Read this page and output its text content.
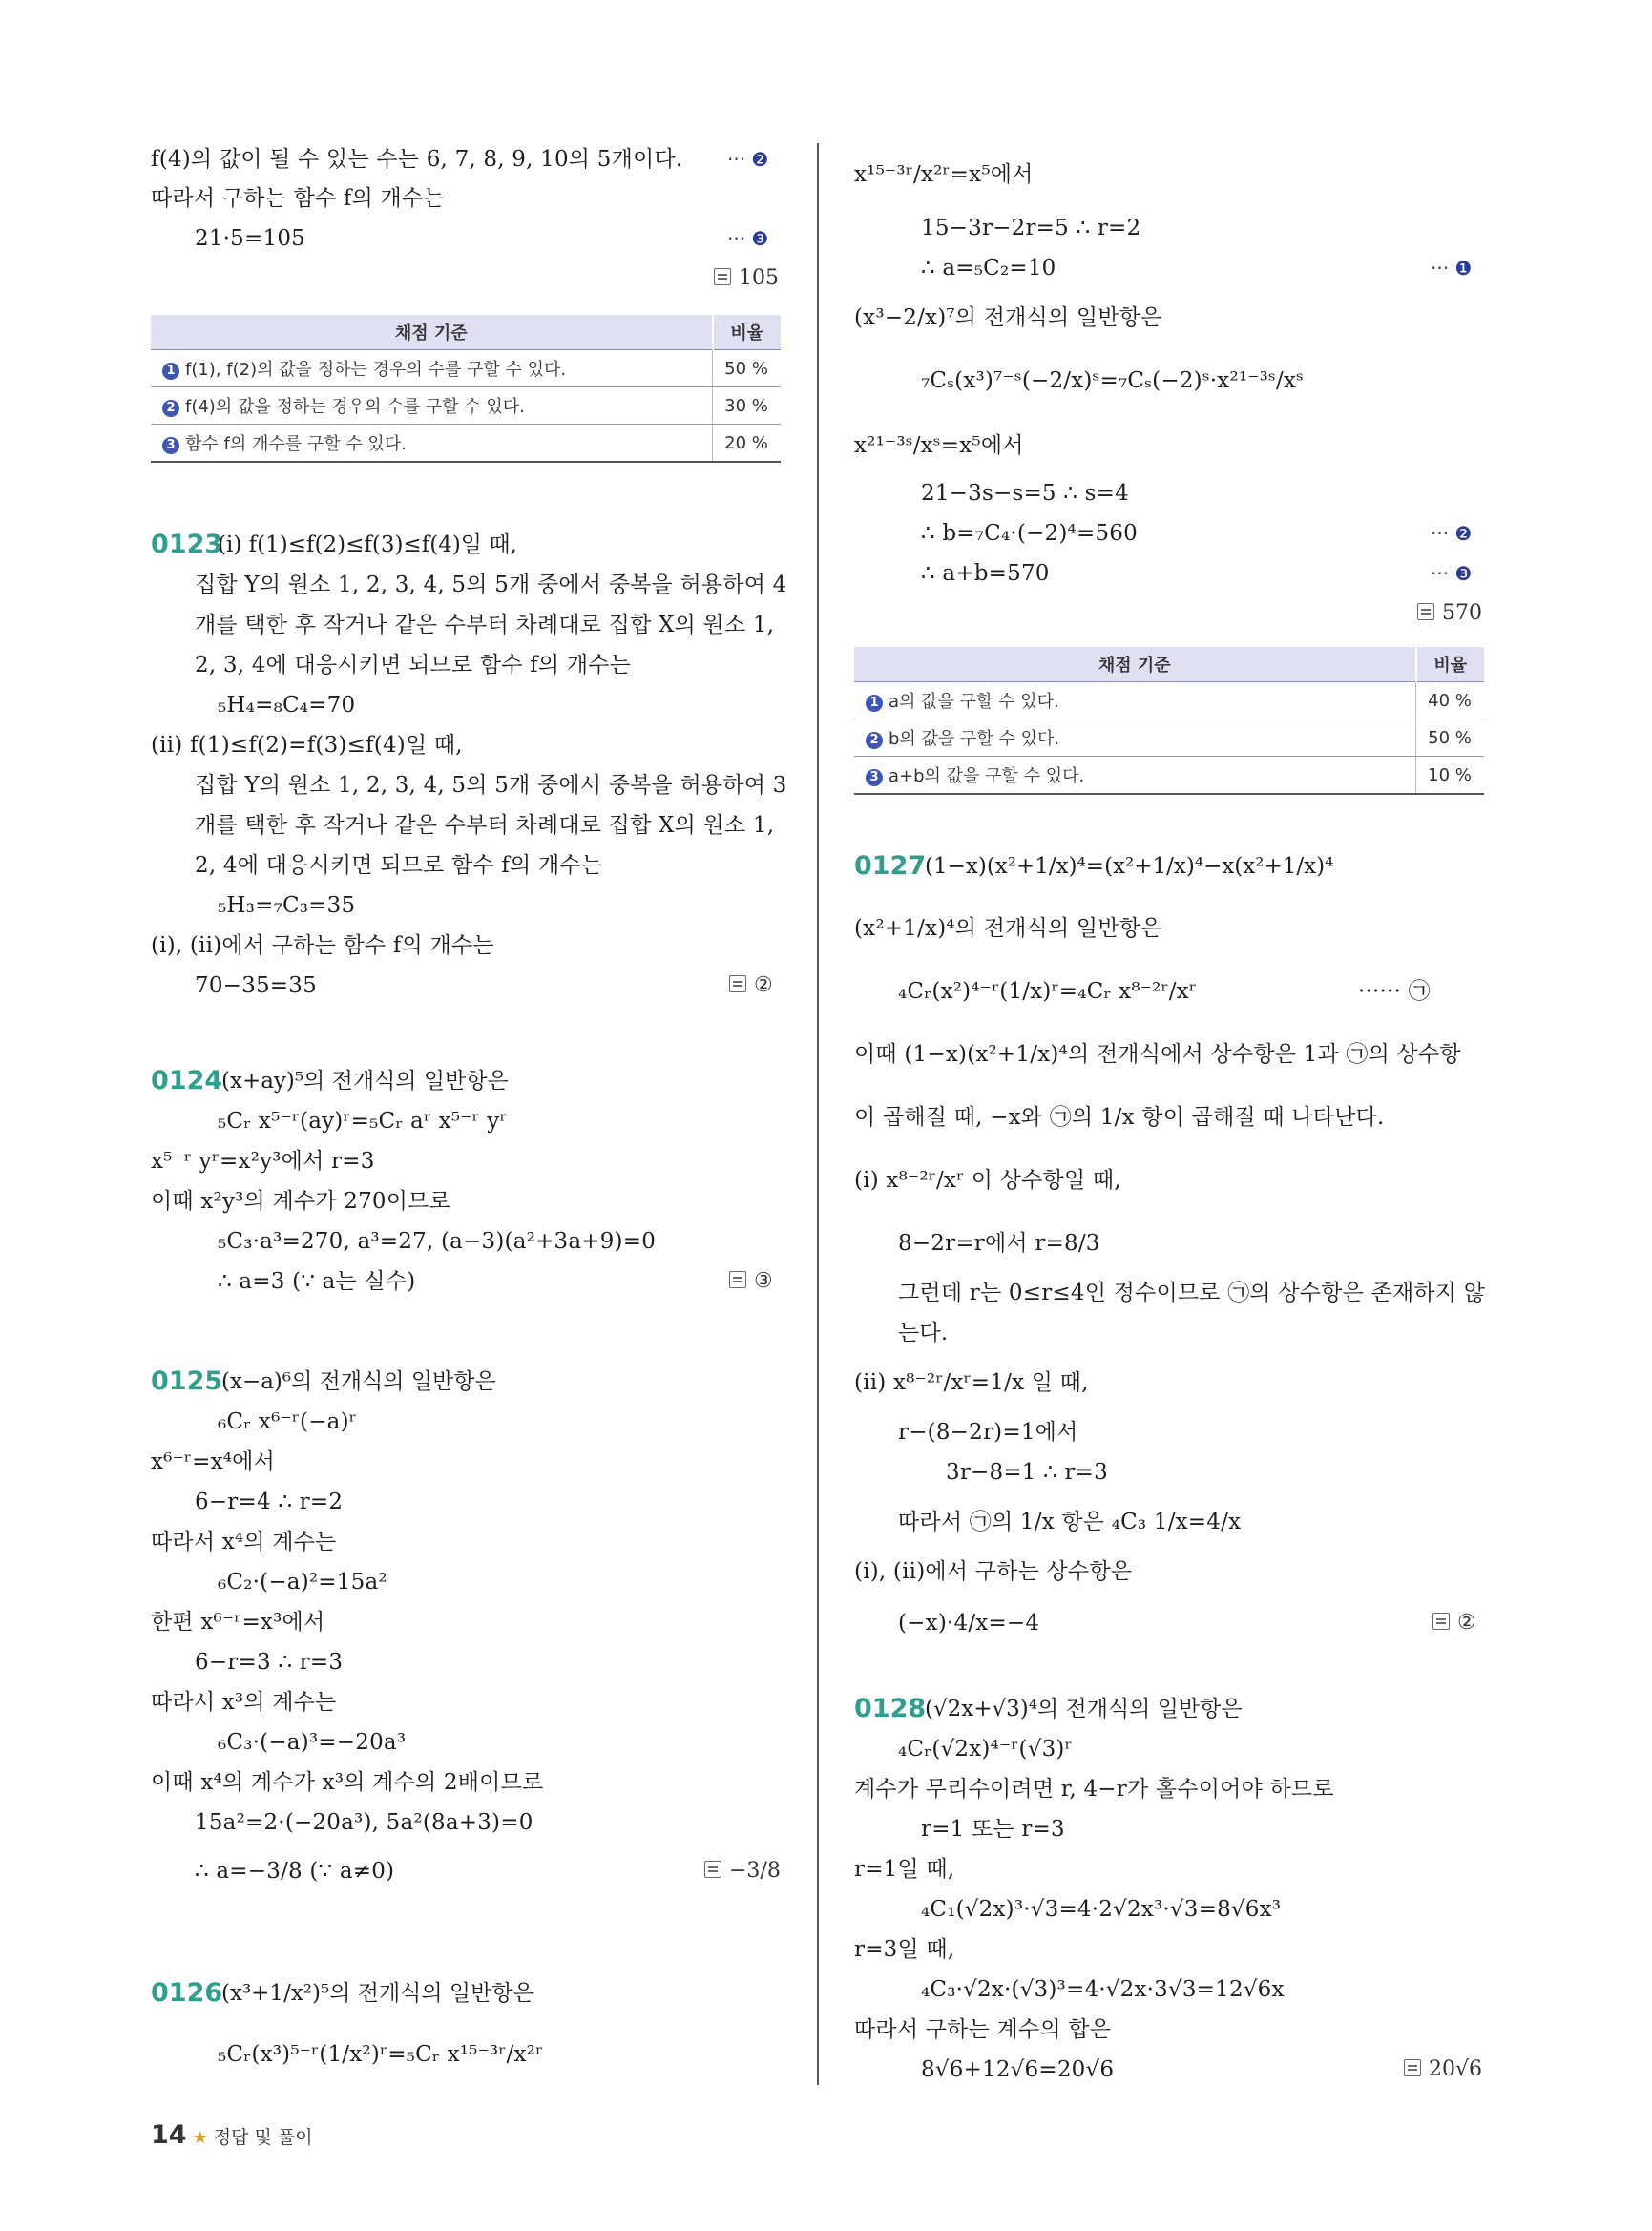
f(4)의 값이 될 수 있는 수는 6, 7, 8, 9, 10의 5개이다. ··· ❷
따라서 구하는 함수 f의 개수는
21·5=105	··· ❸
105
채점 기준	비율
1 f(1), f(2)의 값을 정하는 경우의 수를 구할 수 있다.	50 %
2 f(4)의 값을 정하는 경우의 수를 구할 수 있다.	30 %
3 함수 f의 개수를 구할 수 있다.	20 %
0123
(i) f(1)≤f(2)≤f(3)≤f(4)일 때,
집합 Y의 원소 1, 2, 3, 4, 5의 5개 중에서 중복을 허용하여 4
개를 택한 후 작거나 같은 수부터 차례대로 집합 X의 원소 1,
2, 3, 4에 대응시키면 되므로 함수 f의 개수는
₅H₄=₈C₄=70
(ii) f(1)≤f(2)=f(3)≤f(4)일 때,
집합 Y의 원소 1, 2, 3, 4, 5의 5개 중에서 중복을 허용하여 3
개를 택한 후 작거나 같은 수부터 차례대로 집합 X의 원소 1,
2, 4에 대응시키면 되므로 함수 f의 개수는
₅H₃=₇C₃=35
(i), (ii)에서 구하는 함수 f의 개수는
70−35=35	②
0124
(x+ay)⁵의 전개식의 일반항은
₅Cᵣ x⁵⁻ʳ(ay)ʳ=₅Cᵣ aʳ x⁵⁻ʳ yʳ
x⁵⁻ʳ yʳ=x²y³에서 r=3
이때 x²y³의 계수가 270이므로
₅C₃·a³=270, a³=27, (a−3)(a²+3a+9)=0
∴ a=3 (∵ a는 실수)	③
0125
(x−a)⁶의 전개식의 일반항은
₆Cᵣ x⁶⁻ʳ(−a)ʳ
x⁶⁻ʳ=x⁴에서
6−r=4 ∴ r=2
따라서 x⁴의 계수는
₆C₂·(−a)²=15a²
한편 x⁶⁻ʳ=x³에서
6−r=3 ∴ r=3
따라서 x³의 계수는
₆C₃·(−a)³=−20a³
이때 x⁴의 계수가 x³의 계수의 2배이므로
15a²=2·(−20a³), 5a²(8a+3)=0
∴ a=−3/8 (∵ a≠0)	−3/8
0126
(x³+1/x²)⁵의 전개식의 일반항은
₅Cᵣ(x³)⁵⁻ʳ(1/x²)ʳ=₅Cᵣ x¹⁵⁻³ʳ/x²ʳ
x¹⁵⁻³ʳ/x²ʳ=x⁵에서
15−3r−2r=5 ∴ r=2
∴ a=₅C₂=10	··· ❶
(x³−2/x)⁷의 전개식의 일반항은
₇Cₛ(x³)⁷⁻ˢ(−2/x)ˢ=₇Cₛ(−2)ˢ·x²¹⁻³ˢ/xˢ
x²¹⁻³ˢ/xˢ=x⁵에서
21−3s−s=5 ∴ s=4
∴ b=₇C₄·(−2)⁴=560	··· ❷
∴ a+b=570	··· ❸
570
채점 기준	비율
1 a의 값을 구할 수 있다.	40 %
2 b의 값을 구할 수 있다.	50 %
3 a+b의 값을 구할 수 있다.	10 %
0127
(1−x)(x²+1/x)⁴=(x²+1/x)⁴−x(x²+1/x)⁴
(x²+1/x)⁴의 전개식의 일반항은
₄Cᵣ(x²)⁴⁻ʳ(1/x)ʳ=₄Cᵣ x⁸⁻²ʳ/xʳ	······ ㉠
이때 (1−x)(x²+1/x)⁴의 전개식에서 상수항은 1과 ㉠의 상수항
이 곱해질 때, −x와 ㉠의 1/x 항이 곱해질 때 나타난다.
(i) x⁸⁻²ʳ/xʳ 이 상수항일 때,
8−2r=r에서 r=8/3
그런데 r는 0≤r≤4인 정수이므로 ㉠의 상수항은 존재하지 않
는다.
(ii) x⁸⁻²ʳ/xʳ=1/x 일 때,
r−(8−2r)=1에서
3r−8=1 ∴ r=3
따라서 ㉠의 1/x 항은 ₄C₃ 1/x=4/x
(i), (ii)에서 구하는 상수항은
(−x)·4/x=−4	②
0128
(√2x+√3)⁴의 전개식의 일반항은
₄Cᵣ(√2x)⁴⁻ʳ(√3)ʳ
계수가 무리수이려면 r, 4−r가 홀수이어야 하므로
r=1 또는 r=3
r=1일 때,
₄C₁(√2x)³·√3=4·2√2x³·√3=8√6x³
r=3일 때,
₄C₃·√2x·(√3)³=4·√2x·3√3=12√6x
따라서 구하는 계수의 합은
8√6+12√6=20√6	20√6
14 ★ 정답 및 풀이
